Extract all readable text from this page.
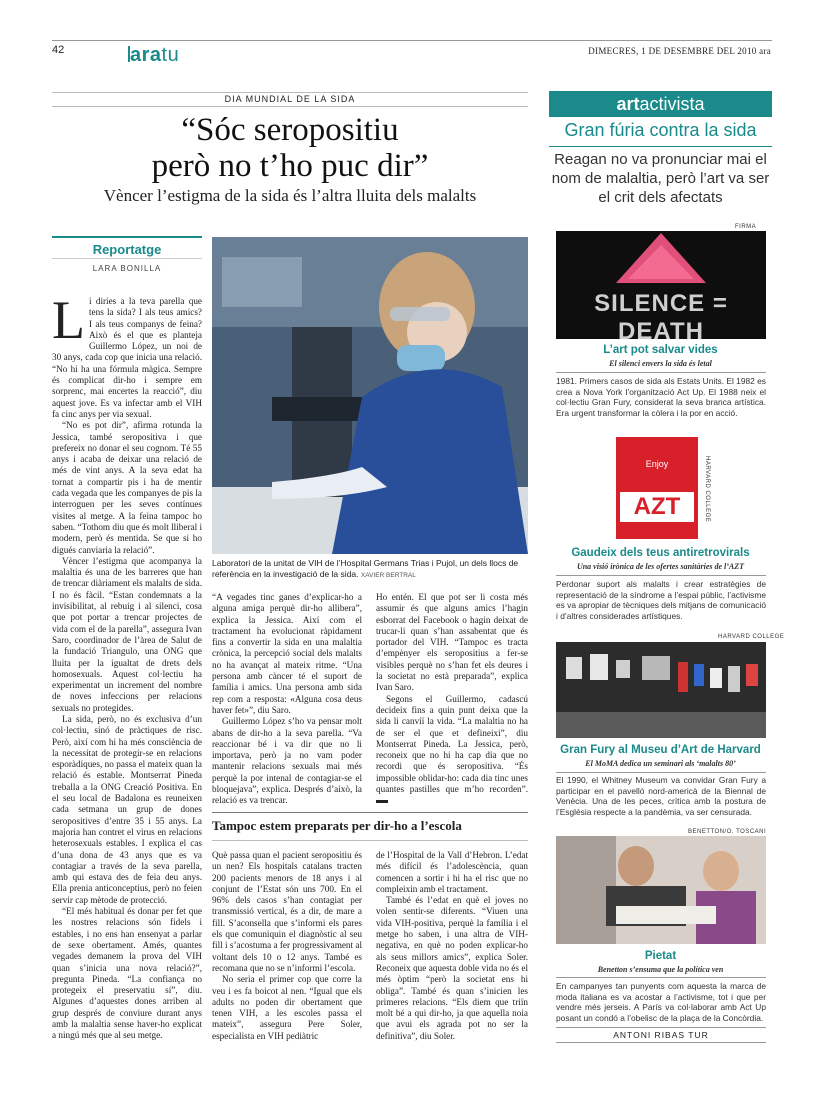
42	aratu	DIMECRES, 1 DE DESEMBRE DEL 2010 ara
DIA MUNDIAL DE LA SIDA
“Sóc seropositiu
però no t’ho puc dir”
Vèncer l’estigma de la sida és l’altra lluita dels malalts
Reportatge
LARA BONILLA

Li diries a la teva parella que tens la sida? I als teus amics? I als teus companys de feina? Això és el que es planteja Guillermo López, un noi de 30 anys, cada cop que inicia una relació. “No hi ha una fórmula màgica. Sempre és complicat dir-ho i sempre em sorprenc, mai encertes la reacció”, diu aquest jove. Es va infectar amb el VIH fa cinc anys per via sexual.

“No es pot dir”, afirma rotunda la Jessica, també seropositiva i que prefereix no donar el seu cognom. Té 55 anys i acaba de deixar una relació de més de vint anys. A la seva edat ha tornat a compartir pis i ha de mentir cada vegada que les companyes de pis la interroguen per les seves contínues visites al metge. A la feina tampoc ho saben. “Tothom diu que és molt lliberal i modern, però és mentida. Se que si ho digués canviaria la relació”.

Vèncer l’estigma que acompanya la malaltia és una de les barreres que han de trencar diàriament els malalts de sida. I no és fàcil. “Estan condemnats a la invisibilitat, al rebuig i al silenci, cosa que pot portar a trencar projectes de vida com el de la parella”, assegura Ivan Saro, coordinador de l’àrea de Salut de la fundació Triangulo, una ONG que lluita per la igualtat de drets dels homosexuals. Aquest col·lectiu ha experimentat un increment del nombre de noves infeccions per relacions sexuals no protegides.

La sida, però, no és exclusiva d’un col·lectiu, sinó de pràctiques de risc. Però, així com hi ha més consciència de la necessitat de protegir-se en relacions esporàdiques, no passa el mateix quan la relació és estable. Montserrat Pineda treballa a la ONG Creació Positiva. En el seu local de Badalona es reuneixen cada setmana un grup de dones seropositives d’entre 35 i 55 anys. La majoria han contret el virus en relacions heterosexuals estables. I explica el cas d’una dona de 43 anys que es va contagiar a través de la seva parella, amb qui estava des de feia deu anys. Ella prenia anticonceptius, però no feien servir cap mètode de protecció.

“El més habitual és donar per fet que les nostres relacions són fidels i estables, i no ens han ensenyat a parlar de sexe obertament. Amés, quantes vegades demanem la prova del VIH quan s’inicia una nova relació?”, pregunta Pineda. “La confiança no protegeix el preservatiu sí”, diu. Algunes d’aquestes dones arriben al grup després de conviure durant anys amb la malaltia sense haver-ho explicat a ningú més que al seu metge.

Laboratori de la unitat de VIH de l’Hospital Germans Trias i Pujol, un dels llocs de referència en la investigació de la sida. XAVIER BERTRAL

“A vegades tinc ganes d’explicar-ho a alguna amiga perquè dir-ho allibera”, explica la Jessica. Així com el tractament ha evolucionat ràpidament fins a convertir la sida en una malaltia crònica, la percepció social dels malalts no ha avançat al mateix ritme. “Una persona amb càncer té el suport de família i amics. Una persona amb sida rep com a resposta: «Alguna cosa deus haver fet»”, diu Saro.

Guillermo López s’ho va pensar molt abans de dir-ho a la seva parella. “Va reaccionar bé i va dir que no li importava, però ja no vam poder mantenir relacions sexuals mai més perquè la por intenal de contagiar-se el bloquejava”, explica. Després d’això, la relació es va trencar.

Ho entén. El que pot ser li costa més assumir és que alguns amics l’hagin esborrat del Facebook o hagin deixat de trucar-li quan s’han assabentat que és portador del VIH. “Tampoc es tracta d’empènyer els seropositius a fer-se visibles perquè no s’han fet els deures i la societat no està preparada”, explica Ivan Saro.

Segons el Guillermo, cadascú decideix fins a quin punt deixa que la sida li canviï la vida. “La malaltia no ha de ser el que et defineixi”, diu Montserrat Pineda. La Jessica, però, reconeix que no hi ha cap dia que no recordi que és seropositiva. “És impossible oblidar-ho: cada dia tinc unes quantes pastilles que m’ho recorden”.

Tampoc estem preparats per dir-ho a l’escola

Què passa quan el pacient seropositiu és un nen? Els hospitals catalans tracten 200 pacients menors de 18 anys i al conjunt de l’Estat són uns 700. En el 96% dels casos s’han contagiat per transmissió vertical, és a dir, de mare a fill. S’aconsella que s’informi els pares els que comuniquin el diagnòstic al seu fill i s’acostuma a fer progressivament al voltant dels 10 o 12 anys. També es recomana que no se n’informi l’escola.

No seria el primer cop que corre la veu i es fa boicot al nen. “Igual que els adults no poden dir obertament que tenen VIH, a les escoles passa el mateix”, assegura Pere Soler, especialista en VIH pediàtric

de l’Hospital de la Vall d’Hebron. L’edat més difícil és l’adolescència, quan comencen a sortir i hi ha el risc que no compleixin amb el tractament.

També és l’edat en què el joves no volen sentir-se diferents. “Viuen una vida VIH-positiva, perquè la família i el metge ho saben, i una altra de VIH-negativa, en què no poden explicar-ho als seus millors amics”, explica Soler. Reconeix que aquesta doble vida no és el més òptim “però la societat ens hi obliga”. També és quan s’inicien les primeres relacions. “Els diem que triïn molt bé a qui dir-ho, ja que aquella noia que avui els agrada pot no ser la definitiva”, diu Soler.

artactivista
Gran fúria contra la sida
Reagan no va pronunciar mai el nom de malaltia, però l’art va ser el crit dels afectats
FIRMA
SILENCE = DEATH
L’art pot salvar vides
El silenci envers la sida és letal
1981. Primers casos de sida als Estats Units. El 1982 es crea a Nova York l’organització Act Up. El 1988 neix el col·lectiu Gran Fury, considerat la seva branca artística. Era urgent transformar la còlera i la por en acció.
HARVARD COLLEGE
Enjoy
AZT
Gaudeix dels teus antiretrovirals
Una visió irònica de les ofertes sanitàries de l’AZT
Perdonar suport als malalts i crear estratègies de representació de la síndrome a l’espai públic, l’activisme es va apropiar de tècniques dels mitjans de comunicació i d’altres considerades artístiques.
HARVARD COLLEGE
Gran Fury al Museu d’Art de Harvard
El MoMA dedica un seminari als ‘malalts 80’
El 1990, el Whitney Museum va convidar Gran Fury a participar en el pavelló nord-americà de la Biennal de Venècia. Una de les peces, crítica amb la postura de l’Església respecte a la pandèmia, va ser censurada.
BENETTON/O. TOSCANI
Pietat
Benetton s’ensuma que la política ven
En campanyes tan punyents com aquesta la marca de moda italiana es va acostar a l’activisme, tot i que per vendre més jerseis. A París va col·laborar amb Act Up posant un condó a l’obelisc de la plaça de la Concòrdia.
ANTONI RIBAS TUR
